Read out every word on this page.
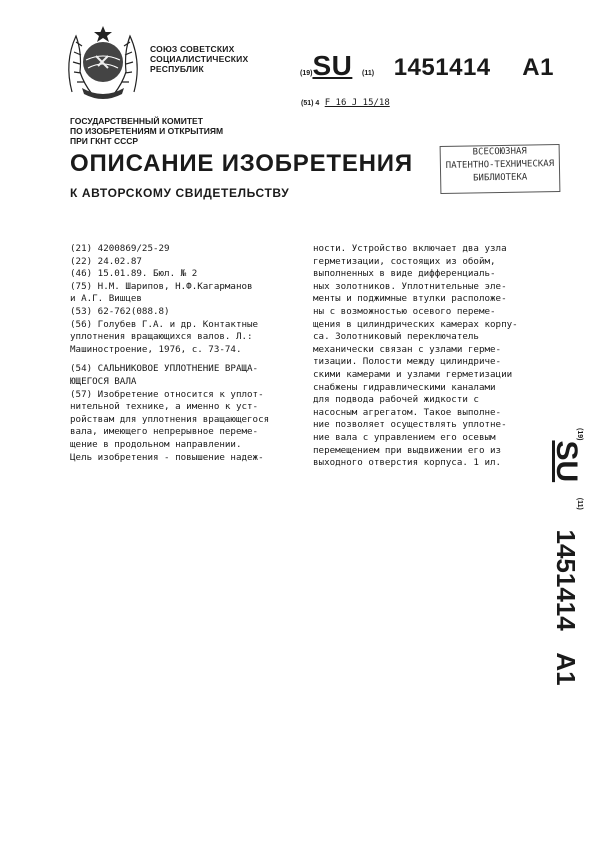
СОЮЗ СОВЕТСКИХ
СОЦИАЛИСТИЧЕСКИХ
РЕСПУБЛИК	(19)SU (11) 1451414 A1
(51) 4 F 16 J 15/18
ГОСУДАРСТВЕННЫЙ КОМИТЕТ
ПО ИЗОБРЕТЕНИЯМ И ОТКРЫТИЯМ
ПРИ ГКНТ СССР
ОПИСАНИЕ ИЗОБРЕТЕНИЯ
К АВТОРСКОМУ СВИДЕТЕЛЬСТВУ
ВСЕСОЮЗНАЯ
ПАТЕНТНО-ТЕХНИЧЕСКАЯ
БИБЛИОТЕКА
(21) 4200869/25-29
(22) 24.02.87
(46) 15.01.89. Бюл. № 2
(75) Н.М. Шарипов, Н.Ф.Кагарманов
и А.Г. Вишцев
(53) 62-762(088.8)
(56) Голубев Г.А. и др. Контактные
уплотнения вращающихся валов. Л.:
Машиностроение, 1976, с. 73-74.
(54) САЛЬНИКОВОЕ УПЛОТНЕНИЕ ВРАЩА-
ЮЩЕГОСЯ ВАЛА
(57) Изобретение относится к уплот-
нительной технике, а именно к уст-
ройствам для уплотнения вращающегося
вала, имеющего непрерывное переме-
щение в продольном направлении.
Цель изобретения - повышение надеж-
ности. Устройство включает два узла
герметизации, состоящих из обойм,
выполненных в виде дифференциаль-
ных золотников. Уплотнительные эле-
менты и поджимные втулки расположе-
ны с возможностью осевого переме-
щения в цилиндрических камерах корпу-
са. Золотниковый переключатель
механически связан с узлами герме-
тизации. Полости между цилиндриче-
скими камерами и узлами герметизации
снабжены гидравлическими каналами
для подвода рабочей жидкости с
насосным агрегатом. Такое выполне-
ние позволяет осуществлять уплотне-
ние вала с управлением его осевым
перемещением при выдвижении его из
выходного отверстия корпуса. 1 ил.
$^{(19)}$SU $^{(11)}$ 1451414 A1
